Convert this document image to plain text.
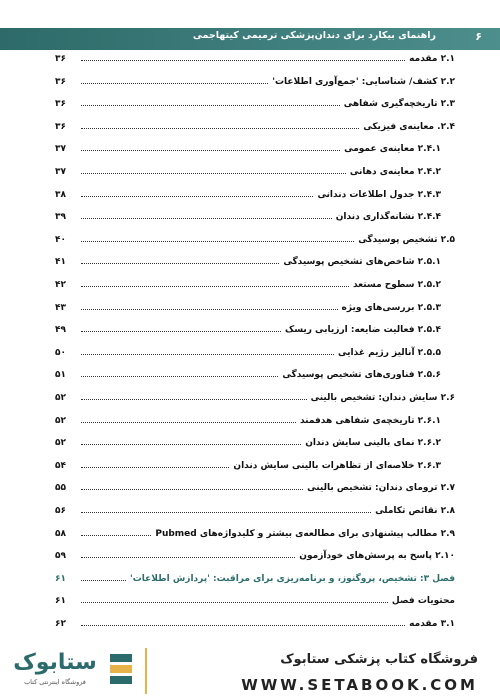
راهنمای بیکارد برای دندان‌پزشکی ترمیمی کیتهاجمی	۶
۳۶	۲.۱ مقدمه
۳۶	۲.۲ کشف/ شناسایی: 'جمع‌آوری اطلاعات'
۳۶	۲.۳ تاریخچه‌گیری شفاهی
۳۶	۲.۴. معاینه‌ی فیزیکی
۳۷	۲.۴.۱ معاینه‌ی عمومی
۳۷	۲.۴.۲ معاینه‌ی دهانی
۳۸	۲.۴.۳ جدول اطلاعات دندانی
۳۹	۲.۴.۴ نشانه‌گذاری دندان
۴۰	۲.۵ تشخیص پوسیدگی
۴۱	۲.۵.۱ شاخص‌های تشخیص پوسیدگی
۴۲	۲.۵.۲ سطوح مستعد
۴۳	۲.۵.۳ بررسی‌های ویژه
۴۹	۲.۵.۴ فعالیت ضایعه: ارزیابی ریسک
۵۰	۲.۵.۵ آنالیز رژیم غذایی
۵۱	۲.۵.۶ فناوری‌های تشخیص پوسیدگی
۵۲	۲.۶ سایش دندان: تشخیص بالینی
۵۲	۲.۶.۱ تاریخچه‌ی شفاهی هدفمند
۵۲	۲.۶.۲ نمای بالینی سایش دندان
۵۴	۲.۶.۳ خلاصه‌ای از تظاهرات بالینی سایش دندان
۵۵	۲.۷ ترومای دندان: تشخیص بالینی
۵۶	۲.۸ نقائص تکاملی
۵۸	۲.۹ مطالب پیشنهادی برای مطالعه‌ی بیشتر و کلیدواژه‌های Pubmed
۵۹	۲.۱۰ پاسخ به پرسش‌های خودآزمون
۶۱	فصل ۳: تشخیص، پروگنوز، و برنامه‌ریزی برای مراقبت: 'پردازش اطلاعات'
۶۱	محتویات فصل
۶۲	۳.۱ مقدمه
ستابوک
فروشگاه اینترنتی کتاب
فروشگاه کتاب پزشکی ستابوک
WWW.SETABOOK.COM
